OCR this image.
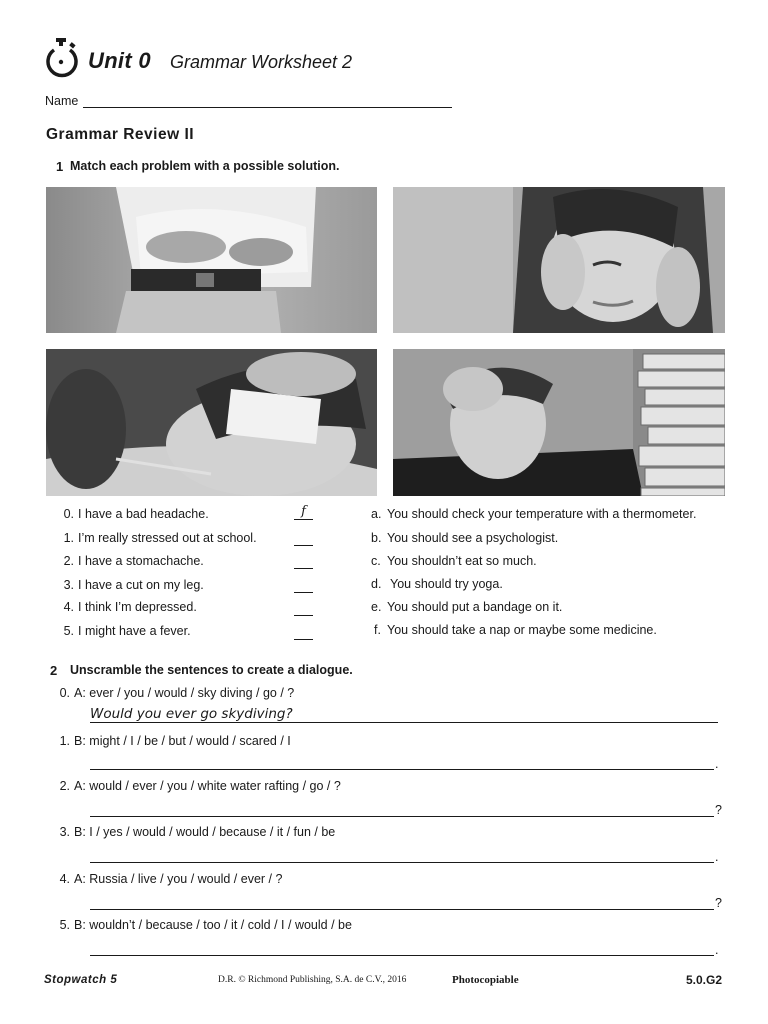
Unit 0 Grammar Worksheet 2
Name
Grammar Review II
1 Match each problem with a possible solution.
0. I have a bad headache.	f
1. I’m really stressed out at school.
2. I have a stomachache.
3. I have a cut on my leg.
4. I think I’m depressed.
5. I might have a fever.
a. You should check your temperature with a thermometer.
b. You should see a psychologist.
c. You shouldn’t eat so much.
d. You should try yoga.
e. You should put a bandage on it.
f. You should take a nap or maybe some medicine.
2 Unscramble the sentences to create a dialogue.
0. A: ever / you / would / sky diving / go / ?
Would you ever go skydiving?
1. B: might / I / be / but / would / scared / I
.
2. A: would / ever / you / white water rafting / go / ?
?
3. B: I / yes / would / would / because / it / fun / be
.
4. A: Russia / live / you / would / ever / ?
?
5. B: wouldn’t / because / too / it / cold / I / would / be
.
Stopwatch 5	D.R. © Richmond Publishing, S.A. de C.V., 2016	Photocopiable	5.0.G2
